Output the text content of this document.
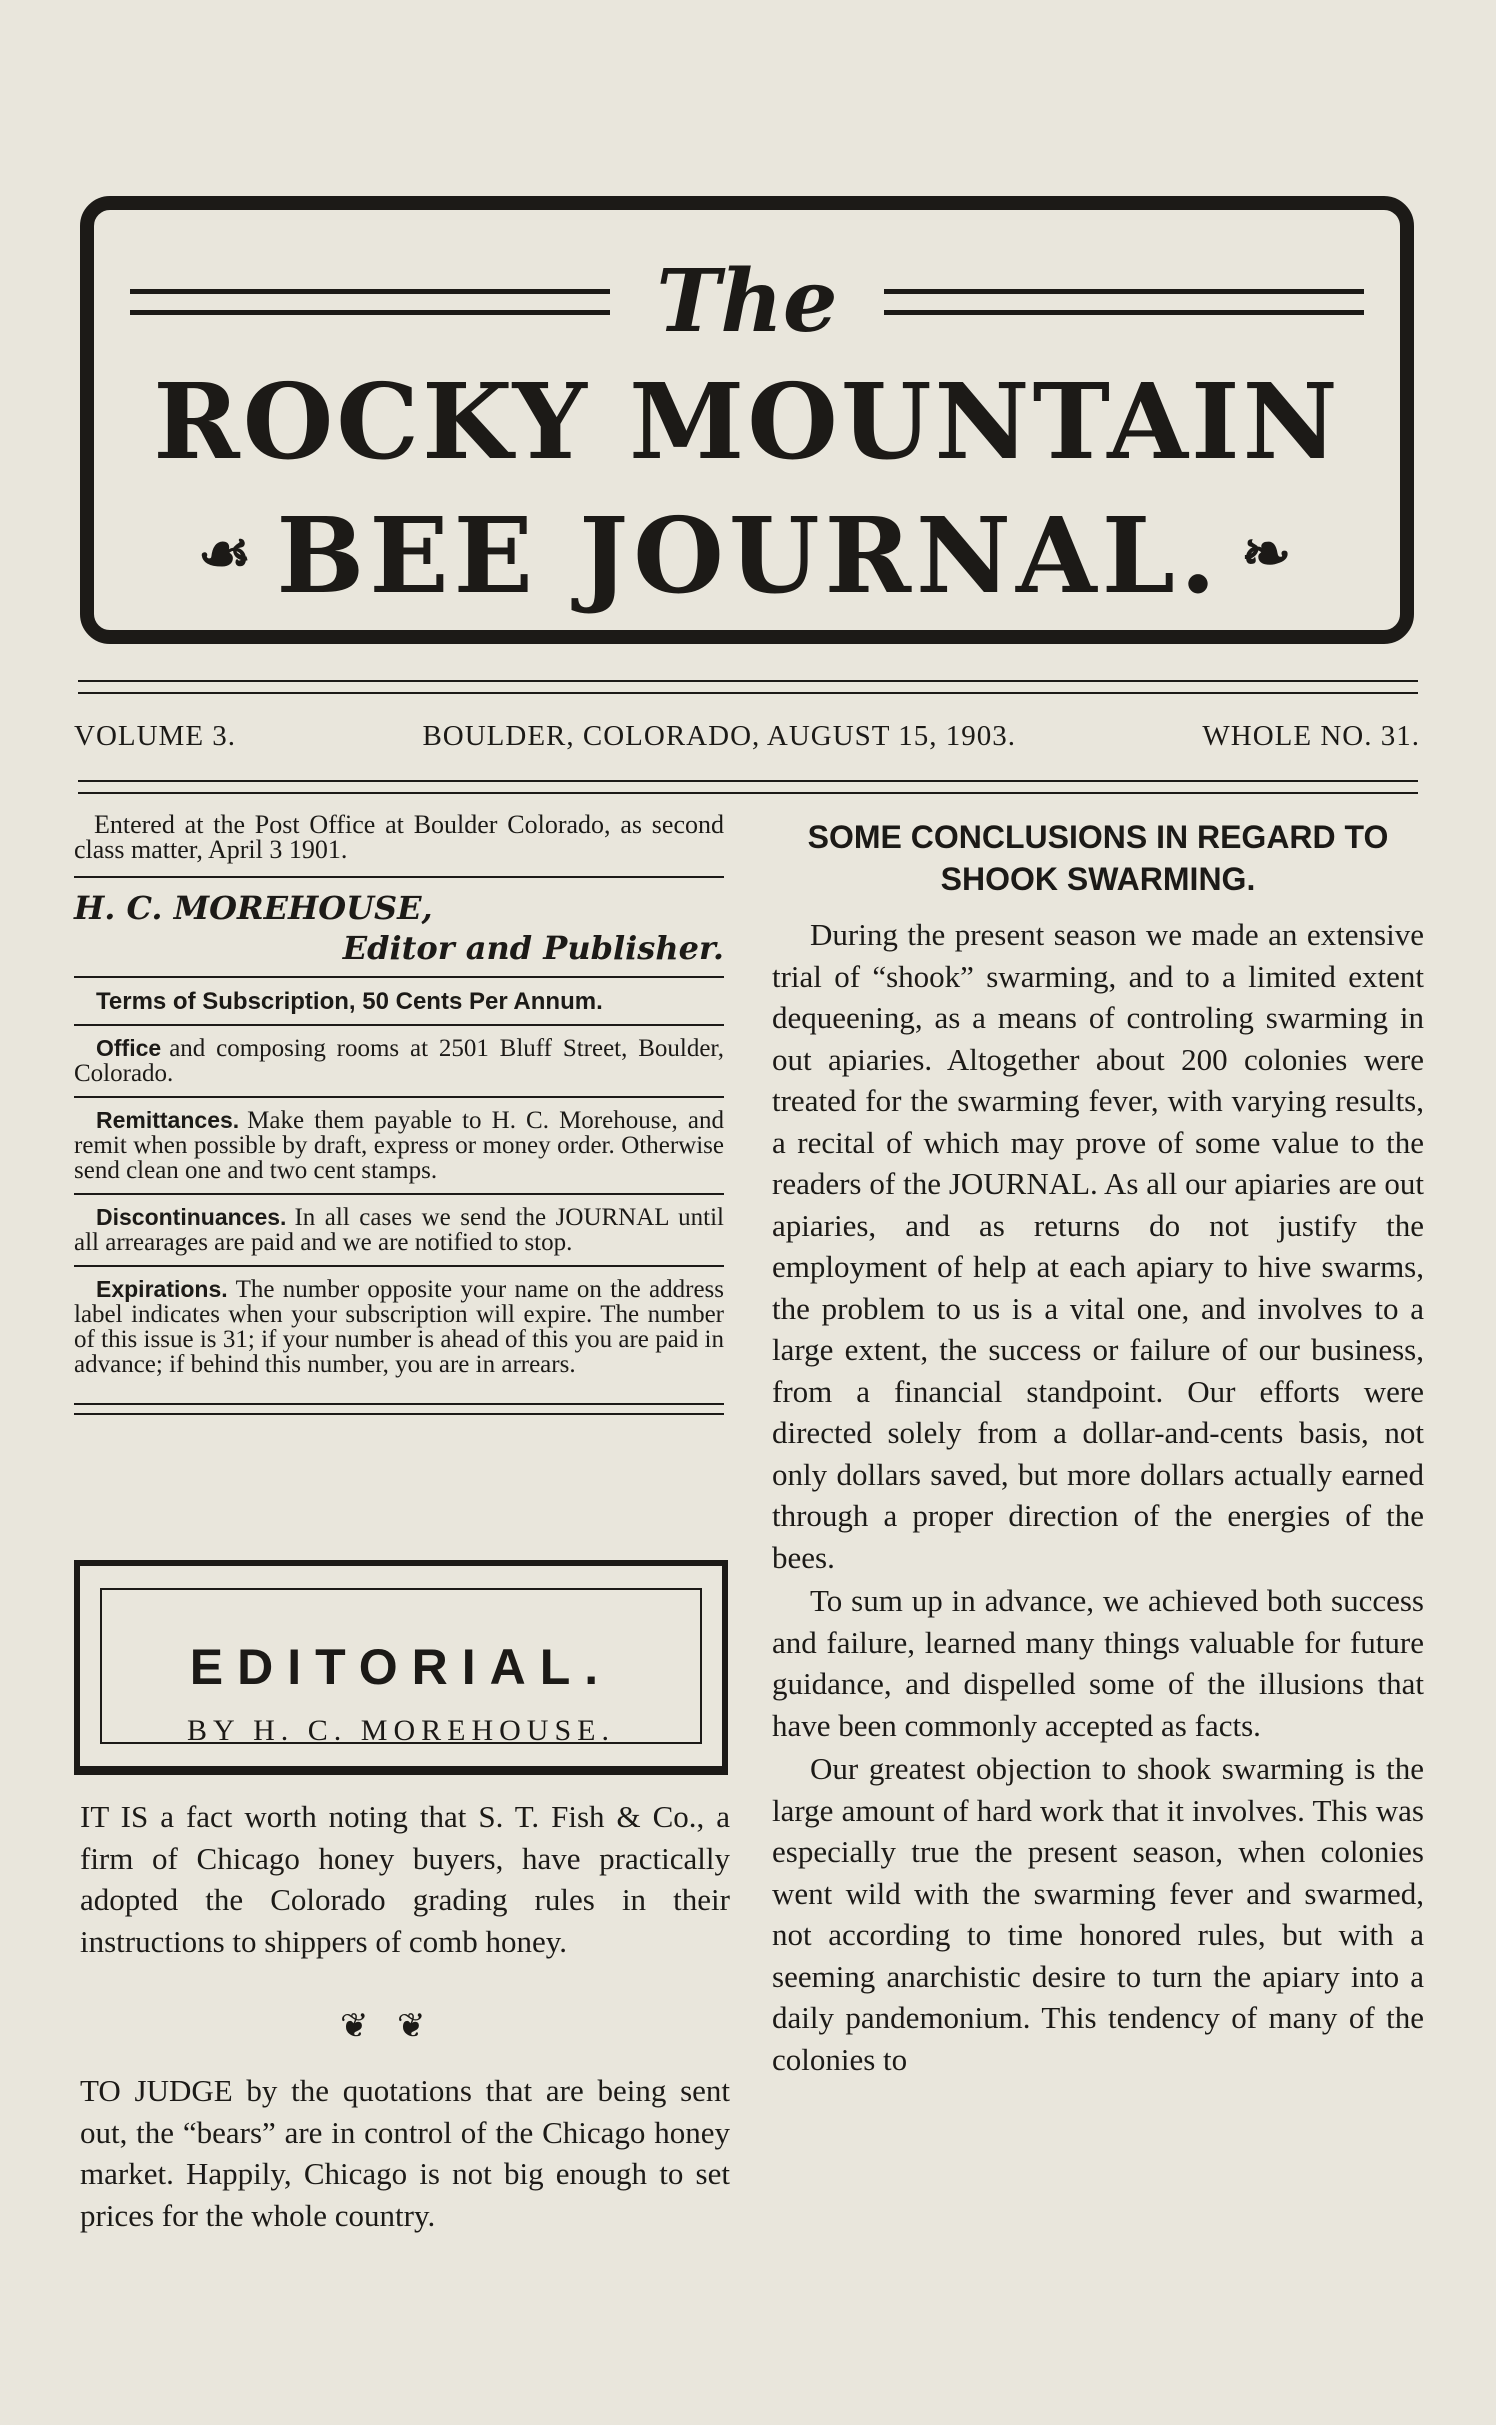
The
ROCKY MOUNTAIN
☙ BEE JOURNAL. ❧
VOLUME 3.	BOULDER, COLORADO, AUGUST 15, 1903.	WHOLE NO. 31.

Entered at the Post Office at Boulder Colorado, as second class matter, April 3 1901.

H. C. MOREHOUSE,
Editor and Publisher.
Terms of Subscription, 50 Cents Per Annum.
Office and composing rooms at 2501 Bluff Street, Boulder, Colorado.
Remittances. Make them payable to H. C. Morehouse, and remit when possible by draft, express or money order. Otherwise send clean one and two cent stamps.
Discontinuances. In all cases we send the JOURNAL until all arrearages are paid and we are notified to stop.
Expirations. The number opposite your name on the address label indicates when your subscription will expire. The number of this issue is 31; if your number is ahead of this you are paid in advance; if behind this number, you are in arrears.
EDITORIAL.
BY H. C. MOREHOUSE.

IT IS a fact worth noting that S. T. Fish & Co., a firm of Chicago honey buyers, have practically adopted the Colorado grading rules in their instructions to shippers of comb honey.

❦ ❦

TO JUDGE by the quotations that are being sent out, the “bears” are in control of the Chicago honey market. Happily, Chicago is not big enough to set prices for the whole country.

SOME CONCLUSIONS IN REGARD TO SHOOK SWARMING.

During the present season we made an extensive trial of “shook” swarming, and to a limited extent dequeening, as a means of controling swarming in out apiaries. Altogether about 200 colonies were treated for the swarming fever, with varying results, a recital of which may prove of some value to the readers of the JOURNAL. As all our apiaries are out apiaries, and as returns do not justify the employment of help at each apiary to hive swarms, the problem to us is a vital one, and involves to a large extent, the success or failure of our business, from a financial standpoint. Our efforts were directed solely from a dollar-and-cents basis, not only dollars saved, but more dollars actually earned through a proper direction of the energies of the bees.

To sum up in advance, we achieved both success and failure, learned many things valuable for future guidance, and dispelled some of the illusions that have been commonly accepted as facts.

Our greatest objection to shook swarming is the large amount of hard work that it involves. This was especially true the present season, when colonies went wild with the swarming fever and swarmed, not according to time honored rules, but with a seeming anarchistic desire to turn the apiary into a daily pandemonium. This tendency of many of the colonies to
